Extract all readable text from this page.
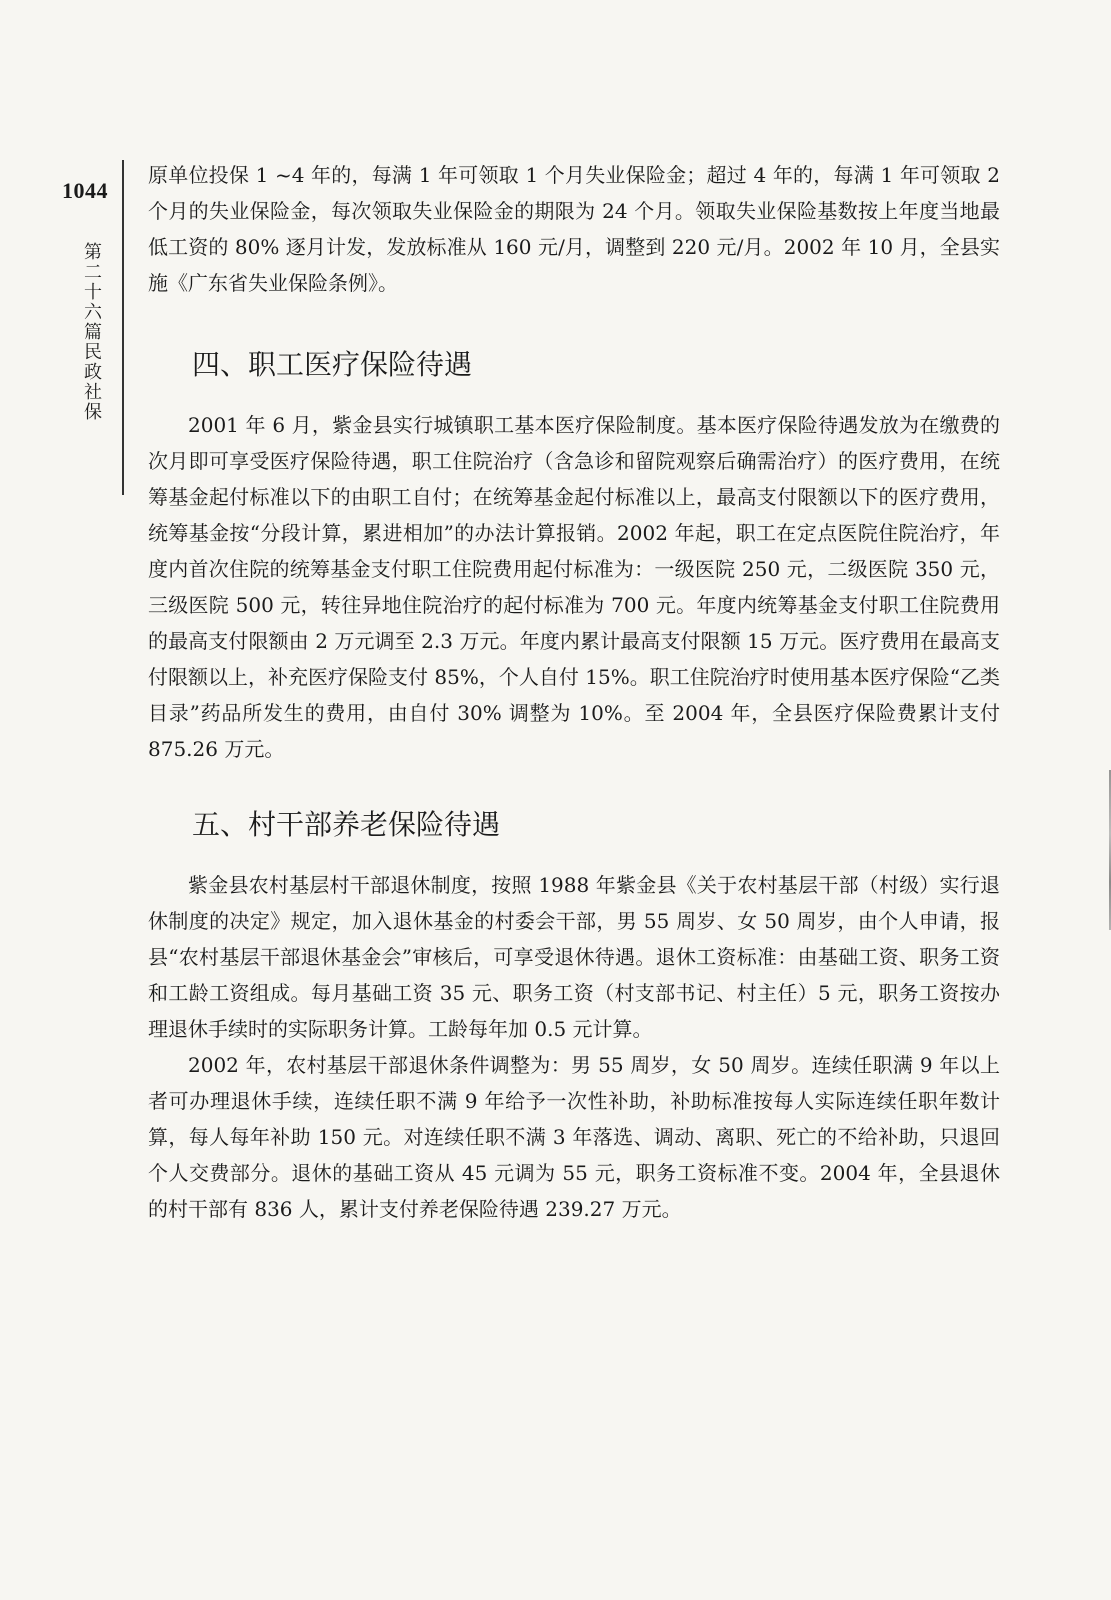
1044
第二十六篇 民政 社保

原单位投保 1 ~4 年的，每满 1 年可领取 1 个月失业保险金；超过 4 年的，每满 1 年可领取 2 个月的失业保险金，每次领取失业保险金的期限为 24 个月。领取失业保险基数按上年度当地最低工资的 80% 逐月计发，发放标准从 160 元/月，调整到 220 元/月。2002 年 10 月，全县实施《广东省失业保险条例》。

四、职工医疗保险待遇

2001 年 6 月，紫金县实行城镇职工基本医疗保险制度。基本医疗保险待遇发放为在缴费的次月即可享受医疗保险待遇，职工住院治疗（含急诊和留院观察后确需治疗）的医疗费用，在统筹基金起付标准以下的由职工自付；在统筹基金起付标准以上，最高支付限额以下的医疗费用，统筹基金按“分段计算，累进相加”的办法计算报销。2002 年起，职工在定点医院住院治疗，年度内首次住院的统筹基金支付职工住院费用起付标准为：一级医院 250 元，二级医院 350 元，三级医院 500 元，转往异地住院治疗的起付标准为 700 元。年度内统筹基金支付职工住院费用的最高支付限额由 2 万元调至 2.3 万元。年度内累计最高支付限额 15 万元。医疗费用在最高支付限额以上，补充医疗保险支付 85%，个人自付 15%。职工住院治疗时使用基本医疗保险“乙类目录”药品所发生的费用，由自付 30% 调整为 10%。至 2004 年，全县医疗保险费累计支付 875.26 万元。

五、村干部养老保险待遇

紫金县农村基层村干部退休制度，按照 1988 年紫金县《关于农村基层干部（村级）实行退休制度的决定》规定，加入退休基金的村委会干部，男 55 周岁、女 50 周岁，由个人申请，报县“农村基层干部退休基金会”审核后，可享受退休待遇。退休工资标准：由基础工资、职务工资和工龄工资组成。每月基础工资 35 元、职务工资（村支部书记、村主任）5 元，职务工资按办理退休手续时的实际职务计算。工龄每年加 0.5 元计算。

2002 年，农村基层干部退休条件调整为：男 55 周岁，女 50 周岁。连续任职满 9 年以上者可办理退休手续，连续任职不满 9 年给予一次性补助，补助标准按每人实际连续任职年数计算，每人每年补助 150 元。对连续任职不满 3 年落选、调动、离职、死亡的不给补助，只退回个人交费部分。退休的基础工资从 45 元调为 55 元，职务工资标准不变。2004 年，全县退休的村干部有 836 人，累计支付养老保险待遇 239.27 万元。
